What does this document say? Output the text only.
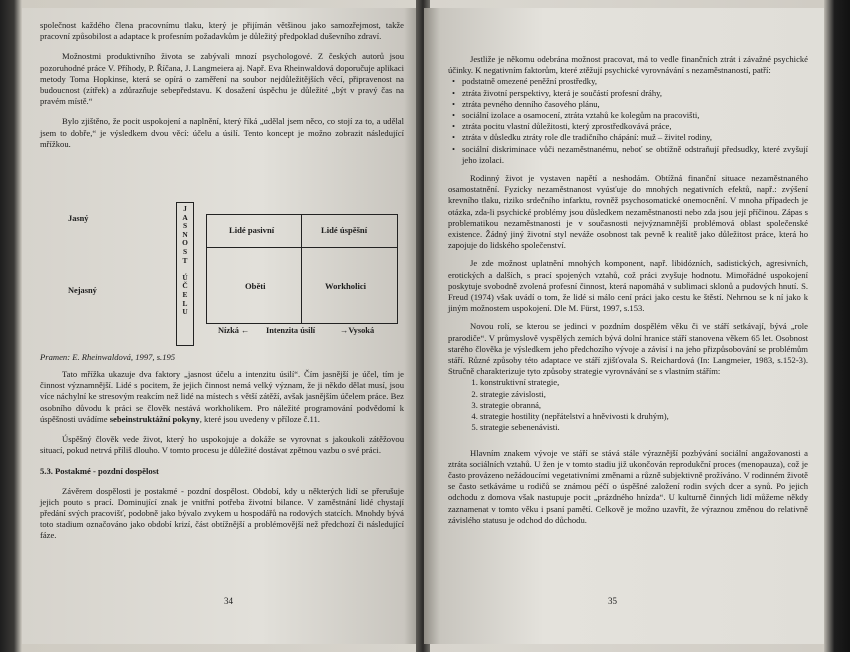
společnost každého člena pracovnímu tlaku, který je přijímán většinou jako samozřejmost, takže pracovní způsobilost a adaptace k profesním požadavkům je důležitý předpoklad duševního zdraví.

Možnostmi produktivního života se zabývali mnozí psychologové. Z českých autorů jsou pozoruhodné práce V. Příhody, P. Říčana, J. Langmeiera aj. Např. Eva Rheinwaldová doporučuje aplikaci metody Toma Hopkinse, která se opírá o zaměření na soubor nejdůležitějších věcí, připravenost na budoucnost (zítřek) a zdůrazňuje sebepředstavu. K dosažení úspěchu je důležité „být v pravý čas na pravém místě.“

Bylo zjištěno, že pocit uspokojení a naplnění, který říká „udělal jsem něco, co stojí za to, a udělal jsem to dobře,“ je výsledkem dvou věcí: účelu a úsilí. Tento koncept je možno zobrazit následující mřížkou.

Jasný
Nejasný
J
A
S
N
O
S
T

Ú
Č
E
L
U
Lidé pasivní	Lidé úspěšní
Oběti	Workholici
Nízká ← Intenzita úsilí	→Vysoká
Pramen: E. Rheinwaldová, 1997, s.195

Tato mřížka ukazuje dva faktory „jasnost účelu a intenzitu úsilí“. Čím jasnější je účel, tím je činnost významnější. Lidé s pocitem, že jejich činnost nemá velký význam, že ji někdo dělat musí, jsou více náchylní ke stresovým reakcím než lidé na místech s větší zátěží, avšak jasnějším účelem práce. Bez osobního důvodu k práci se člověk nestává workholikem. Pro náležité programování podvědomí k úspěšnosti uvádíme sebeinstruktážní pokyny, které jsou uvedeny v příloze č.11.

Úspěšný člověk vede život, který ho uspokojuje a dokáže se vyrovnat s jakoukoli zátěžovou situací, pokud netrvá příliš dlouho. V tomto procesu je důležité dostávat zpětnou vazbu o své práci.

5.3. Postakmé - pozdní dospělost

Závěrem dospělosti je postakmé - pozdní dospělost. Období, kdy u některých lidí se přerušuje jejich pouto s prací. Dominující znak je vnitřní potřeba životní bilance. V zaměstnání lidé chystají předání svých pracovišť, podobně jako bývalo zvykem u hospodářů na rodových statcích. Mnohdy bývá toto stadium označováno jako období krizí, část obtížnější a problémovější než předchozí či následující fáze.

34

Jestliže je někomu odebrána možnost pracovat, má to vedle finančních ztrát i závažné psychické účinky. K negativním faktorům, které ztěžují psychické vyrovnávání s nezaměstnaností, patří:

• podstatně omezené peněžní prostředky,
• ztráta životní perspektivy, která je součástí profesní dráhy,
• ztráta pevného denního časového plánu,
• sociální izolace a osamocení, ztráta vztahů ke kolegům na pracovišti,
• ztráta pocitu vlastní důležitosti, který zprostředkovává práce,
• ztráta v důsledku ztráty role dle tradičního chápání: muž – živitel rodiny,
• sociální diskriminace vůči nezaměstnanému, neboť se obtížně odstraňují předsudky, které zvyšují jeho izolaci.

Rodinný život je vystaven napětí a neshodám. Obtížná finanční situace nezaměstnaného osamostatnění. Fyzicky nezaměstnanost vyúsťuje do mnohých negativních efektů, např.: zvýšení krevního tlaku, riziko srdečního infarktu, rovněž psychosomatické onemocnění. V mnoha případech je otázka, zda-li psychické problémy jsou důsledkem nezaměstnanosti nebo zda jsou její příčinou. Zápas s problematikou nezaměstnanosti je v současnosti nejvýznamnější problémová oblast společenské existence. Žádný jiný životní styl neváže osobnost tak pevně k realitě jako důležitost práce, která ho zapojuje do lidského společenství.

Je zde možnost uplatnění mnohých komponent, např. libidózních, sadistických, agresivních, erotických a dalších, s prací spojených vztahů, což práci zvyšuje hodnotu. Mimořádné uspokojení poskytuje svobodně zvolená profesní činnost, která napomáhá v sublimaci sklonů a pudových hnutí. S. Freud (1974) však uvádí o tom, že lidé si málo cení práci jako cestu ke štěstí. Nehrnou se k ní jako k jiným možnostem uspokojení. Dle M. Fürst, 1997, s.153.

Novou rolí, se kterou se jedinci v pozdním dospělém věku či ve stáří setkávají, bývá „role prarodiče“. V průmyslově vyspělých zemích bývá dolní hranice stáří stanovena věkem 65 let. Osobnost starého člověka je výsledkem jeho předchozího vývoje a závisí i na jeho přizpůsobování se problémům stáří. Různé způsoby této adaptace ve stáří zjišťovala S. Reichardová (In: Langmeier, 1983, s.152-3). Stručně charakterizuje tyto způsoby strategie vyrovnávání se s vlastním stářím:

1. konstruktivní strategie,
2. strategie závislosti,
3. strategie obranná,
4. strategie hostility (nepřátelství a hněvivosti k druhým),
5. strategie sebenenávisti.

Hlavním znakem vývoje ve stáří se stává stále výraznější pozbývání sociální angažovanosti a ztráta sociálních vztahů. U žen je v tomto stadiu již ukončován reprodukční proces (menopauza), což je často provázeno nežádoucími vegetativními změnami a různě subjektivně prožíváno. V rodinném životě se často setkáváme u rodičů se známou péčí o úspěšné založení rodin svých dcer a synů. Po jejich odchodu z domova však nastupuje pocit „prázdného hnízda“. U kulturně činných lidí můžeme někdy zaznamenat v tomto věku i psaní pamětí. Celkově je možno uzavřít, že výraznou změnou do relativně závislého statusu je odchod do důchodu.

35
